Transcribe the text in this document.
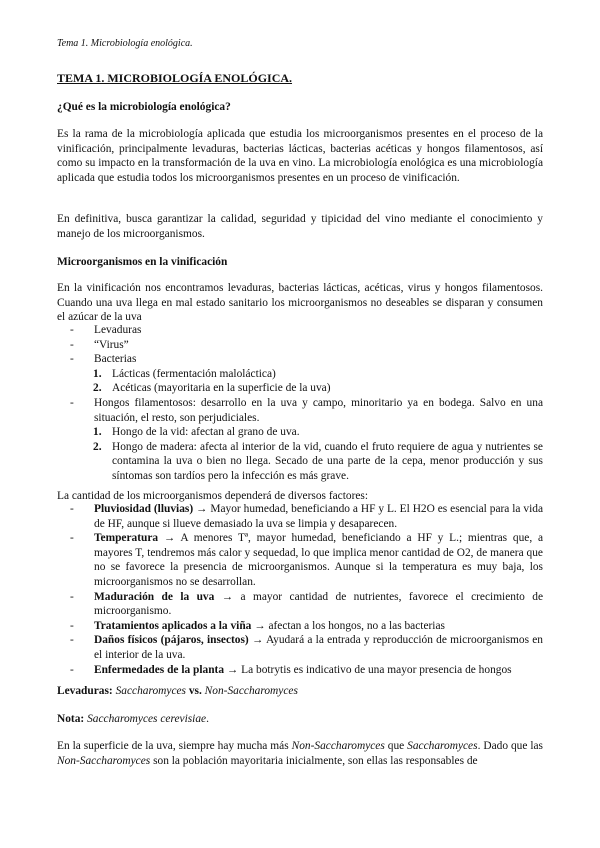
Tema 1. Microbiología enológica.
TEMA 1. MICROBIOLOGÍA ENOLÓGICA.
¿Qué es la microbiología enológica?
Es la rama de la microbiología aplicada que estudia los microorganismos presentes en el proceso de la vinificación, principalmente levaduras, bacterias lácticas, bacterias acéticas y hongos filamentosos, así como su impacto en la transformación de la uva en vino. La microbiología enológica es una microbiología aplicada que estudia todos los microorganismos presentes en un proceso de vinificación.
En definitiva, busca garantizar la calidad, seguridad y tipicidad del vino mediante el conocimiento y manejo de los microorganismos.
Microorganismos en la vinificación
En la vinificación nos encontramos levaduras, bacterias lácticas, acéticas, virus y hongos filamentosos. Cuando una uva llega en mal estado sanitario los microorganismos no deseables se disparan y consumen el azúcar de la uva
- Levaduras
- “Virus”
- Bacterias
1. Lácticas (fermentación maloláctica)
2. Acéticas (mayoritaria en la superficie de la uva)
- Hongos filamentosos: desarrollo en la uva y campo, minoritario ya en bodega. Salvo en una situación, el resto, son perjudiciales.
1. Hongo de la vid: afectan al grano de uva.
2. Hongo de madera: afecta al interior de la vid, cuando el fruto requiere de agua y nutrientes se contamina la uva o bien no llega. Secado de una parte de la cepa, menor producción y sus síntomas son tardíos pero la infección es más grave.
La cantidad de los microorganismos dependerá de diversos factores:
- Pluviosidad (lluvias) → Mayor humedad, beneficiando a HF y L. El H2O es esencial para la vida de HF, aunque si llueve demasiado la uva se limpia y desaparecen.
- Temperatura → A menores Tª, mayor humedad, beneficiando a HF y L.; mientras que, a mayores T, tendremos más calor y sequedad, lo que implica menor cantidad de O2, de manera que no se favorece la presencia de microorganismos. Aunque si la temperatura es muy baja, los microorganismos no se desarrollan.
- Maduración de la uva → a mayor cantidad de nutrientes, favorece el crecimiento de microorganismo.
- Tratamientos aplicados a la viña → afectan a los hongos, no a las bacterias
- Daños físicos (pájaros, insectos) → Ayudará a la entrada y reproducción de microorganismos en el interior de la uva.
- Enfermedades de la planta → La botrytis es indicativo de una mayor presencia de hongos
Levaduras: Saccharomyces vs. Non-Saccharomyces
Nota: Saccharomyces cerevisiae.
En la superficie de la uva, siempre hay mucha más Non-Saccharomyces que Saccharomyces. Dado que las Non-Saccharomyces son la población mayoritaria inicialmente, son ellas las responsables de
